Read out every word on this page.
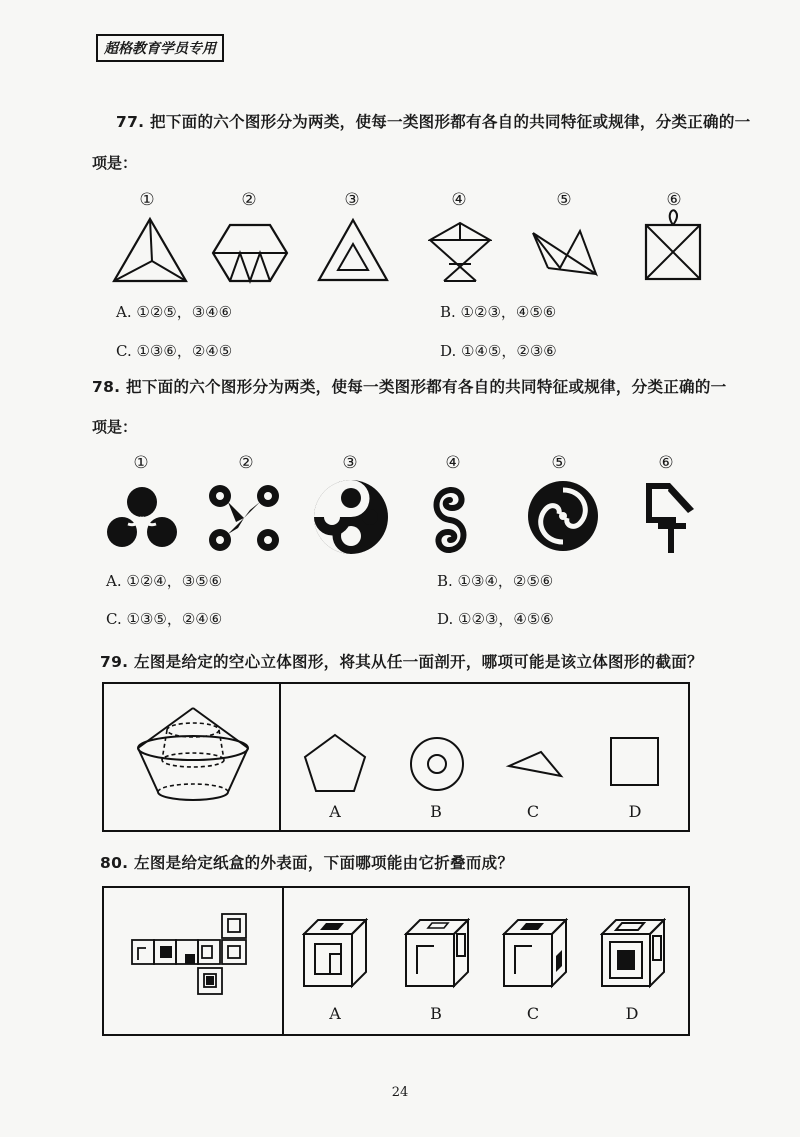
超格教育学员专用
77. 把下面的六个图形分为两类，使每一类图形都有各自的共同特征或规律，分类正确的一
项是：
①	②	③	④	⑤	⑥
A. ①②⑤，③④⑥	B. ①②③，④⑤⑥
C. ①③⑥，②④⑤	D. ①④⑤，②③⑥
78. 把下面的六个图形分为两类，使每一类图形都有各自的共同特征或规律，分类正确的一
项是：
①	②	③	④	⑤	⑥
A. ①②④，③⑤⑥	B. ①③④，②⑤⑥
C. ①③⑤，②④⑥	D. ①②③，④⑤⑥
79. 左图是给定的空心立体图形，将其从任一面剖开，哪项可能是该立体图形的截面？
A	B	C	D
80. 左图是给定纸盒的外表面，下面哪项能由它折叠而成？
A	B	C	D
24
